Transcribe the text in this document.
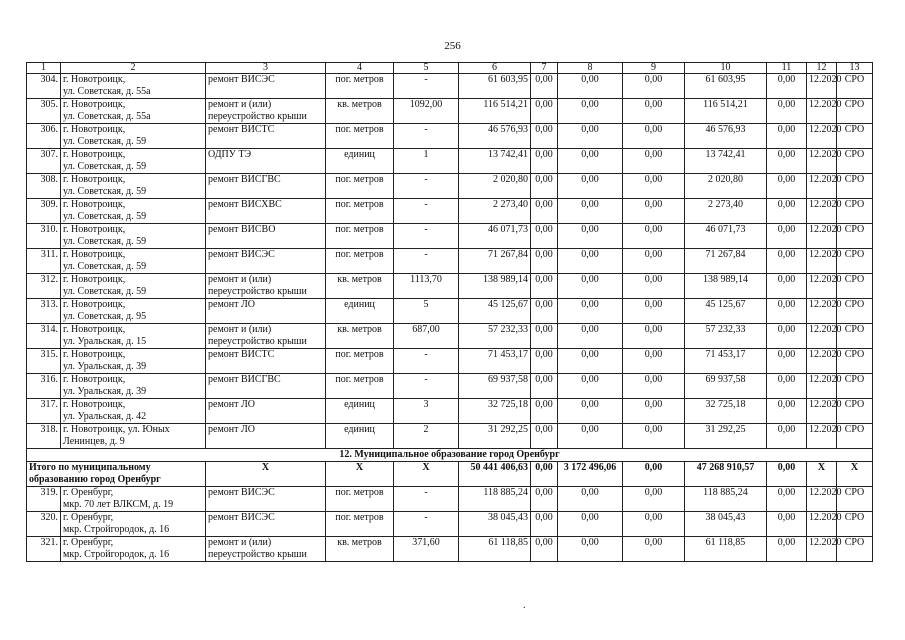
256
1	2	3	4	5	6	7	8	9	10	11	12	13
304.	г. Новотроицк,
ул. Советская, д. 55а	ремонт ВИСЭС	пог. метров	-	61 603,95	0,00	0,00	0,00	61 603,95	0,00	12.2020	СРО
305.	г. Новотроицк,
ул. Советская, д. 55а	ремонт и (или)
переустройство крыши	кв. метров	1092,00	116 514,21	0,00	0,00	0,00	116 514,21	0,00	12.2020	СРО
306.	г. Новотроицк,
ул. Советская, д. 59	ремонт ВИСТС	пог. метров	-	46 576,93	0,00	0,00	0,00	46 576,93	0,00	12.2020	СРО
307.	г. Новотроицк,
ул. Советская, д. 59	ОДПУ ТЭ	единиц	1	13 742,41	0,00	0,00	0,00	13 742,41	0,00	12.2020	СРО
308.	г. Новотроицк,
ул. Советская, д. 59	ремонт ВИСГВС	пог. метров	-	2 020,80	0,00	0,00	0,00	2 020,80	0,00	12.2020	СРО
309.	г. Новотроицк,
ул. Советская, д. 59	ремонт ВИСХВС	пог. метров	-	2 273,40	0,00	0,00	0,00	2 273,40	0,00	12.2020	СРО
310.	г. Новотроицк,
ул. Советская, д. 59	ремонт ВИСВО	пог. метров	-	46 071,73	0,00	0,00	0,00	46 071,73	0,00	12.2020	СРО
311.	г. Новотроицк,
ул. Советская, д. 59	ремонт ВИСЭС	пог. метров	-	71 267,84	0,00	0,00	0,00	71 267,84	0,00	12.2020	СРО
312.	г. Новотроицк,
ул. Советская, д. 59	ремонт и (или)
переустройство крыши	кв. метров	1113,70	138 989,14	0,00	0,00	0,00	138 989,14	0,00	12.2020	СРО
313.	г. Новотроицк,
ул. Советская, д. 95	ремонт ЛО	единиц	5	45 125,67	0,00	0,00	0,00	45 125,67	0,00	12.2020	СРО
314.	г. Новотроицк,
ул. Уральская, д. 15	ремонт и (или)
переустройство крыши	кв. метров	687,00	57 232,33	0,00	0,00	0,00	57 232,33	0,00	12.2020	СРО
315.	г. Новотроицк,
ул. Уральская, д. 39	ремонт ВИСТС	пог. метров	-	71 453,17	0,00	0,00	0,00	71 453,17	0,00	12.2020	СРО
316.	г. Новотроицк,
ул. Уральская, д. 39	ремонт ВИСГВС	пог. метров	-	69 937,58	0,00	0,00	0,00	69 937,58	0,00	12.2020	СРО
317.	г. Новотроицк,
ул. Уральская, д. 42	ремонт ЛО	единиц	3	32 725,18	0,00	0,00	0,00	32 725,18	0,00	12.2020	СРО
318.	г. Новотроицк, ул. Юных
Ленинцев, д. 9	ремонт ЛО	единиц	2	31 292,25	0,00	0,00	0,00	31 292,25	0,00	12.2020	СРО
12. Муниципальное образование город Оренбург												
Итого по муниципальному
образованию город Оренбург		X	X	X	50 441 406,63	0,00	3 172 496,06	0,00	47 268 910,57	0,00	X	X
319.	г. Оренбург,
мкр. 70 лет ВЛКСМ, д. 19	ремонт ВИСЭС	пог. метров	-	118 885,24	0,00	0,00	0,00	118 885,24	0,00	12.2020	СРО
320.	г. Оренбург,
мкр. Стройгородок, д. 16	ремонт ВИСЭС	пог. метров	-	38 045,43	0,00	0,00	0,00	38 045,43	0,00	12.2020	СРО
321.	г. Оренбург,
мкр. Стройгородок, д. 16	ремонт и (или)
переустройство крыши	кв. метров	371,60	61 118,85	0,00	0,00	0,00	61 118,85	0,00	12.2020	СРО
.
